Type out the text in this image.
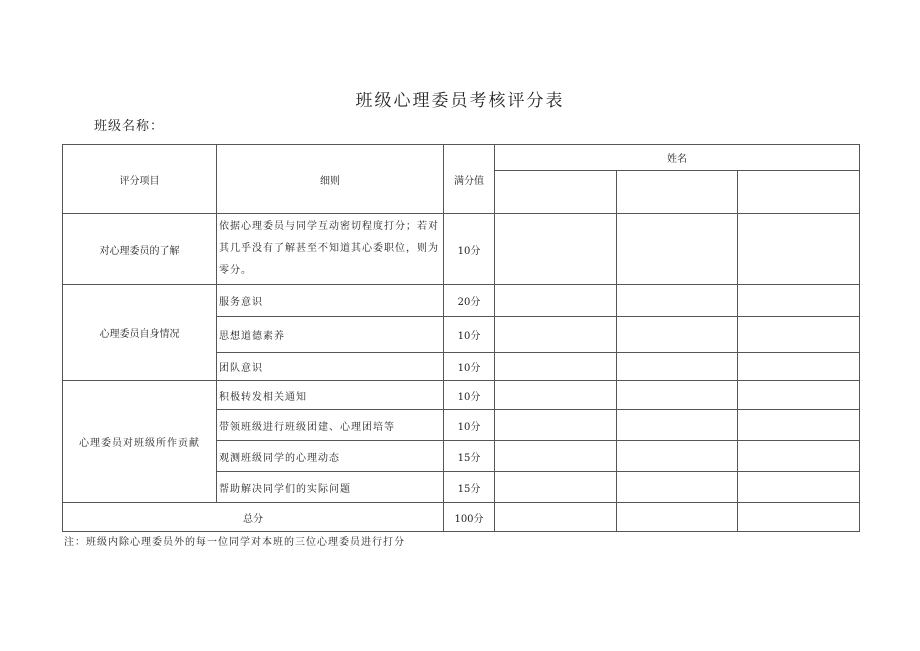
班级心理委员考核评分表
班级名称：
评分项目	细则	满分值	姓名		

对心理委员的了解	依据心理委员与同学互动密切程度打分；若对其几乎没有了解甚至不知道其心委职位，则为零分。	10分			
心理委员自身情况	服务意识	20分			
	思想道德素养	10分			
	团队意识	10分			
心理委员对班级所作贡献	积极转发相关通知	10分			
	带领班级进行班级团建、心理团培等	10分			
	观测班级同学的心理动态	15分			
	帮助解决同学们的实际问题	15分			
总分		100分			
注：班级内除心理委员外的每一位同学对本班的三位心理委员进行打分
